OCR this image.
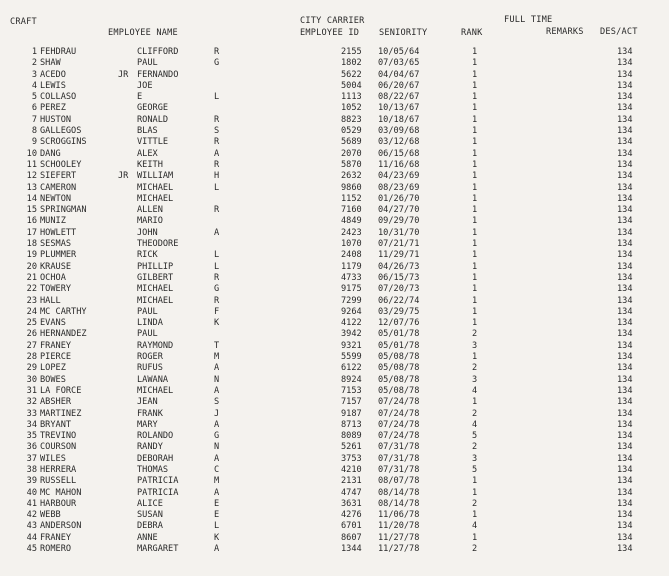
CRAFT
EMPLOYEE NAME
CITY CARRIER
EMPLOYEE ID SENIORITY	RANK
FULL TIME
REMARKS DES/ACT
1 FEHDRAU	CLIFFORD	R	2155 10/05/64	1	134
2 SHAW	PAUL	G	1802 07/03/65	1	134
3 ACEDO	JR FERNANDO	5622 04/04/67	1	134
4 LEWIS	JOE	5004 06/20/67	1	134
5 COLLASO	E	L	1113 08/22/67	1	134
6 PEREZ	GEORGE	1052 10/13/67	1	134
7 HUSTON	RONALD	R	8823 10/18/67	1	134
8 GALLEGOS	BLAS	S	0529 03/09/68	1	134
9 SCROGGINS	VITTLE	R	5689 03/12/68	1	134
10 DANG	ALEX	A	2070 06/15/68	1	134
11 SCHOOLEY	KEITH	R	5870 11/16/68	1	134
12 SIEFERT	JR WILLIAM	H	2632 04/23/69	1	134
13 CAMERON	MICHAEL	L	9860 08/23/69	1	134
14 NEWTON	MICHAEL	1152 01/26/70	1	134
15 SPRINGMAN	ALLEN	R	7160 04/27/70	1	134
16 MUNIZ	MARIO	4849 09/29/70	1	134
17 HOWLETT	JOHN	A	2423 10/31/70	1	134
18 SESMAS	THEODORE	1070 07/21/71	1	134
19 PLUMMER	RICK	L	2408 11/29/71	1	134
20 KRAUSE	PHILLIP	L	1179 04/26/73	1	134
21 OCHOA	GILBERT	R	4733 06/15/73	1	134
22 TOWERY	MICHAEL	G	9175 07/20/73	1	134
23 HALL	MICHAEL	R	7299 06/22/74	1	134
24 MC CARTHY	PAUL	F	9264 03/29/75	1	134
25 EVANS	LINDA	K	4122 12/07/76	1	134
26 HERNANDEZ	PAUL	3942 05/01/78	2	134
27 FRANEY	RAYMOND	T	9321 05/01/78	3	134
28 PIERCE	ROGER	M	5599 05/08/78	1	134
29 LOPEZ	RUFUS	A	6122 05/08/78	2	134
30 BOWES	LAWANA	N	8924 05/08/78	3	134
31 LA FORCE	MICHAEL	A	7153 05/08/78	4	134
32 ABSHER	JEAN	S	7157 07/24/78	1	134
33 MARTINEZ	FRANK	J	9187 07/24/78	2	134
34 BRYANT	MARY	A	8713 07/24/78	4	134
35 TREVINO	ROLANDO	G	8089 07/24/78	5	134
36 COURSON	RANDY	N	5261 07/31/78	2	134
37 WILES	DEBORAH	A	3753 07/31/78	3	134
38 HERRERA	THOMAS	C	4210 07/31/78	5	134
39 RUSSELL	PATRICIA	M	2131 08/07/78	1	134
40 MC MAHON	PATRICIA	A	4747 08/14/78	1	134
41 HARBOUR	ALICE	E	3631 08/14/78	2	134
42 WEBB	SUSAN	E	4276 11/06/78	1	134
43 ANDERSON	DEBRA	L	6701 11/20/78	4	134
44 FRANEY	ANNE	K	8607 11/27/78	1	134
45 ROMERO	MARGARET	A	1344 11/27/78	2	134
